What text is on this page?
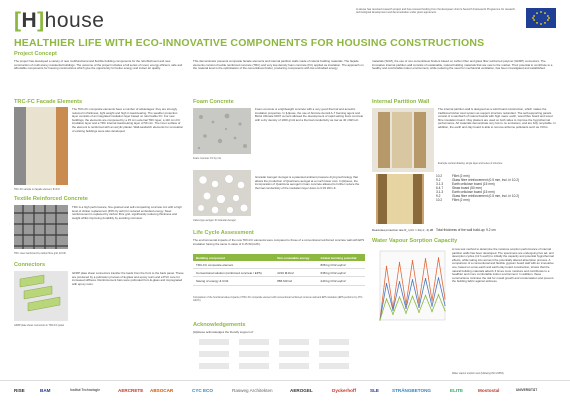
[H]house	H-House has received research project and has received funding from the European Union's Seventh Framework Programme for research, technological development and demonstration under grant agreement.
HEALTHIER LIFE WITH ECO-INNOVATIVE COMPONENTS FOR HOUSING CONSTRUCTIONS
Project Concept
The project has developed a variety of new multifunctional and flexible building components for the refurbishment and new construction of multi-storey residential buildings. The outcome of the project includes a full series of novel, energy efficient, safe and affordable components for housing constructions which give the opportunity for better energy and indoor air quality.
This demonstrator presents composite facade elements and internal partition walls made of natural building materials. The façade elements consist of textile reinforced concrete (TRC) and very low-density foam concrete (FC) applied as insulation. The approach on the material level is the optimisation of the cementitious binder, producing components with low embodied energy.
materials (SCM), the use of non-cementitious binders based on carbon fiber and glass fiber reinforced polymer (GFRP) connectors. The innovative internal partition wall consists of sustainable, natural building materials that are new to the market. Their potential to contribute to a healthy and comfortable indoor environment, while reducing the need for mechanical ventilation, has been investigated and established.
TRC-FC Facade Elements
The TRC-FC composite elements have a number of advantages: they are strongly reduced in thickness, light weight and high in load-bearing. The weather protection layer consists of an integrated insulation layer based on reformable FC. For new buildings, the elements are composed by a 15 mm external TRC layer, a 110 mm FC insulation layer and a TRC internal load-bearing layer of 50 mm. The inner surface of the element is reinforced with an acrylic plaster. Wall-sandwich elements for renovation of existing buildings were also developed.
TRC-FC sample on façade element, 8×3 M
Textile Reinforced Concrete
TRC is a high performance, fine-grained and self-compacting concrete mix with a high level of clinker replacement (45% fly ash) for reduced embodied energy. Steel reinforcement is replaced by carbon fibre grid, significantly reducing thickness and weight whilst improving durability by avoiding corrosion.
TRC: steel reinforced by carbon fibre grid, 40×40
Connectors
GFRP plate shear connectors transfer the loads from the front to the back panel. These are produced by a pultrusion process of E-glass and epoxy resin and a PVC core for increased stiffness. Reinforcement bars were pultruded from E-glass and impregnated with epoxy resin.
GFRP plate shear connectors in TRC-FC panel
Foam Concrete
Foam concrete: FC by mix
Foam concrete is a lightweight concrete with a very good thermal and acoustic insulation properties. In [H]ouse, the use of Aircrete Aerosil A-7 foaming agent and Bioloi Ultimate N007 cement allowed the development of rapid setting foam concrete with a dry density of 1000 g/m3 and a thermal conductivity as low as 40 mW/m-K.
Cabot-type aerogel, SI Granular Aerogel
Granular Aerogel: Aerogel is a patented ambient pressure drying technology that allows the production of Quartzene aerogel at a much lower cost. In [H]ouse, the incorporation of Quartzene aerogel in foam concrete allowed to further reduce the thermal conductivity of the insulation layer down to 0.03 W/m-K.
Life Cycle Assessment
The environmental impacts of the new TRC-FC elements were compared to those of a conventional reinforced concrete wall with EPS insulation having the same U-value of 0.15 W/(m2K).
Building component	Non-renewable energy	Global warming potential
TRC-FC composite element		808 kg CO2 eq/m2
Conventional solution (reinforced concrete / EPS)	2319 MJ/m2	638 kg CO2 eq/m2
Saving of energy & CO2	886 MJ/m2	240 kg CO2 eq/m2
Comparison of the functional value impacts of TRC-FC composite element with conventional reinforced concrete wall and EPS insulation (EPS performs by 27% GFCC)
Acknowledgements
[H]House acknowledges the friendly support of:
Internal Partition Wall
The internal partition wall is designed as a solid board construction, which makes the traditional timber stud system as support structure redundant. The self-supporting panels consist of a sandwich of natural boards with high mass: earth, wood fibre board and wood fibre insulation board. Clay plasters are used on both sides to improve the hygrothermal performance. All materials demonstrate very low to no emissions, and are fully recyclable. In addition, the earth and clay board is able to remove airborne pollutants such as VOCs.
Example vertical drawing: single layer and series of structure
10.2	Fillet (2 mm)
9.2	Glass fibre reinforcement (0.5 mm, incl. in 10.2)
3.1.3	Earth cellulose board (15 mm)
6.4.7	Straw board (50 mm)
3.1.3	Earth cellulose board (15 mm)
9.2	Glass fibre reinforcement (0.5 mm, incl. in 10.2)
10.2	Fillet (2 mm)
Read-idea protection rate R_n,CC = 44(-1; -3) dB Total thickness of the wall build-up: 9.2 cm
Water Vapour Sorption Capacity
A new test method to determine the moisture sorption performance of internal partition walls has been developed. The specimens are undergoing five ad- and desorption cycles (12 h each) to initially the capacity and potential hygrothermal effects, while taking into account the potentially altered absorption process. A comparison of a conventional and flexible gypsum board wall with an innovative one, based on a two-earth and earth-clay board construction, shows that the natural building materials adsorb 3 times more moisture and contributes to a healthier and more comfortable indoor environment. In addition, these constructions minimise the risk for mould growth and condensation and prevent the building fabric against sickness.
Water vapour sorption test (following ISO 24353)
RISE	BAM	Institut Technologie	AERCRETE ABSOCAR	CYC ECO	Rasweg Architekten	AEROGEL	Dyckerhoff	SLE	STRÄNGBETONG	ELITE	Mostostal	UNIVERSITÄT
